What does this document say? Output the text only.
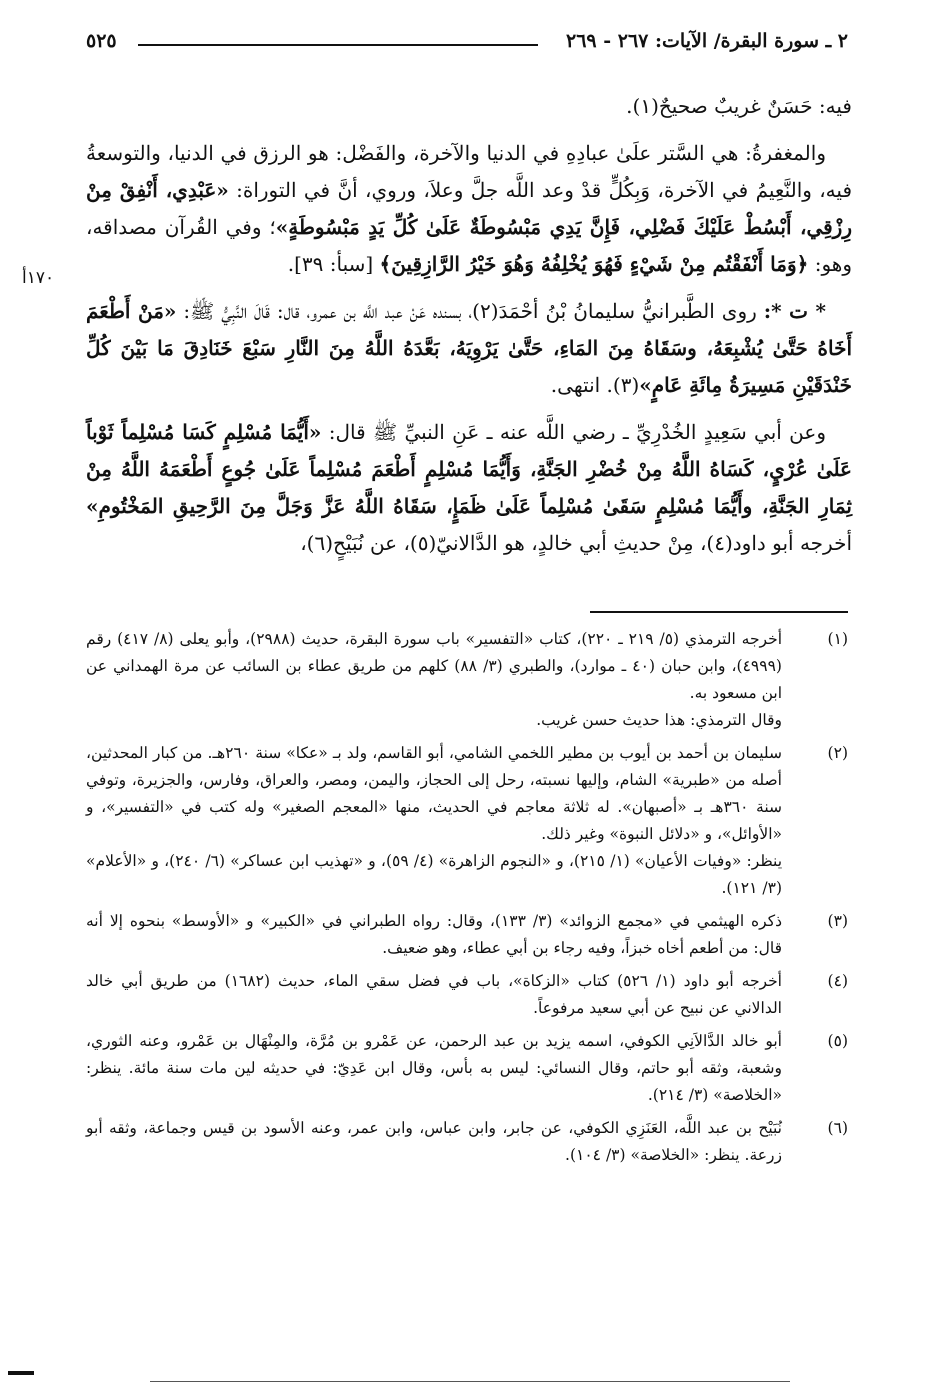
٢ ـ سورة البقرة/ الآيات: ٢٦٧ - ٢٦٩
٥٢٥
١٧٠أ

فيه: حَسَنٌ غريبٌ صحيحٌ(١).

والمغفرةُ: هي السَّتر علَىٰ عبادِهِ في الدنيا والآخرة، والفَضْل: هو الرزق في الدنيا، والتوسعةُ فيه، والنَّعِيمُ في الآخرة، وَبِكُلٍّ قدْ وعد اللَّه جلَّ وعلاَ، وروي، أنَّ في التوراة: «عَبْدِي، أَنْفِقْ مِنْ رِزْقِي، أَبْسُطْ عَلَيْكَ فَضْلِي، فَإِنَّ يَدِي مَبْسُوطَةٌ عَلَىٰ كُلِّ يَدٍ مَبْسُوطَةٍ»؛ وفي القُرآن مصداقه، وهو: ﴿وَمَا أَنْفَقْتُم مِنْ شَيْءٍ فَهُوَ يُخْلِفُهُ وَهُوَ خَيْرُ الرَّازِقِينَ﴾ [سبأ: ٣٩].

* ت *: روى الطَّبرانيُّ سليمانُ بْنُ أحْمَدَ(٢)، بسنده عَنْ عبد اللَّه بن عمرو، قال: قَالَ النَّبِيُّ ﷺ: «مَنْ أَطْعَمَ أَخَاهُ حَتَّىٰ يُشْبِعَهُ، وسَقَاهُ مِنَ المَاءِ، حَتَّىٰ يَرْوِيَهُ، بَعَّدَهُ اللَّهُ مِنَ النَّارِ سَبْعَ خَنَادِقَ مَا بَيْنَ كُلِّ خَنْدَقَيْنِ مَسِيرَةُ مِائَةِ عَامٍ»(٣). انتهى.

وعن أبي سَعِيدٍ الخُدْرِيِّ ـ رضي اللَّه عنه ـ عَنِ النبيِّ ﷺ قال: «أَيُّمَا مُسْلِمٍ كَسَا مُسْلِماً ثَوْباً عَلَىٰ عُرْيٍ، كَسَاهُ اللَّهُ مِنْ خُضْرِ الجَنَّةِ، وَأَيُّمَا مُسْلِمٍ أَطْعَمَ مُسْلِماً عَلَىٰ جُوعٍ أَطْعَمَهُ اللَّهُ مِنْ ثِمَارِ الجَنَّةِ، وأَيُّمَا مُسْلِمٍ سَقَىٰ مُسْلِماً عَلَىٰ ظَمَإٍ، سَقَاهُ اللَّهُ عَزَّ وَجَلَّ مِنَ الرَّحِيقِ المَخْتُومِ» أخرجه أبو داود(٤)، مِنْ حديثِ أبي خالدٍ، هو الدَّالانيّ(٥)، عن نُبَيْحٍ(٦)،

(١)

أخرجه الترمذي (٥/ ٢١٩ ـ ٢٢٠)، كتاب «التفسير» باب سورة البقرة، حديث (٢٩٨٨)، وأبو يعلى (٨/ ٤١٧) رقم (٤٩٩٩)، وابن حبان (٤٠ ـ موارد)، والطبري (٣/ ٨٨) كلهم من طريق عطاء بن السائب عن مرة الهمداني عن ابن مسعود به.

وقال الترمذي: هذا حديث حسن غريب.

(٢)

سليمان بن أحمد بن أيوب بن مطير اللخمي الشامي، أبو القاسم، ولد بـ «عكا» سنة ٢٦٠هـ. من كبار المحدثين، أصله من «طبرية» الشام، وإليها نسبته، رحل إلى الحجاز، واليمن، ومصر، والعراق، وفارس، والجزيرة، وتوفي سنة ٣٦٠هـ بـ «أصبهان». له ثلاثة معاجم في الحديث، منها «المعجم الصغير» وله كتب في «التفسير»، و «الأوائل»، و «دلائل النبوة» وغير ذلك.

ينظر: «وفيات الأعيان» (١/ ٢١٥)، و «النجوم الزاهرة» (٤/ ٥٩)، و «تهذيب ابن عساكر» (٦/ ٢٤٠)، و «الأعلام» (٣/ ١٢١).

(٣)

ذكره الهيثمي في «مجمع الزوائد» (٣/ ١٣٣)، وقال: رواه الطبراني في «الكبير» و «الأوسط» بنحوه إلا أنه قال: من أطعم أخاه خبزاً، وفيه رجاء بن أبي عطاء، وهو ضعيف.

(٤)

أخرجه أبو داود (١/ ٥٢٦) كتاب «الزكاة»، باب في فضل سقي الماء، حديث (١٦٨٢) من طريق أبي خالد الدالاني عن نبيح عن أبي سعيد مرفوعاً.

(٥)

أبو خالد الدَّالاَنِي الكوفي، اسمه يزيد بن عبد الرحمن، عن عَمْرو بن مُرَّة، والمِنْهَال بن عَمْرو، وعنه الثوري، وشعبة، وثقه أبو حاتم، وقال النسائي: ليس به بأس، وقال ابن عَدِيّ: في حديثه لين مات سنة مائة. ينظر: «الخلاصة» (٣/ ٢١٤).

(٦)

نُبَيْح بن عبد اللَّه، العَنَزِي الكوفي، عن جابر، وابن عباس، وابن عمر، وعنه الأسود بن قيس وجماعة، وثقه أبو زرعة. ينظر: «الخلاصة» (٣/ ١٠٤).
